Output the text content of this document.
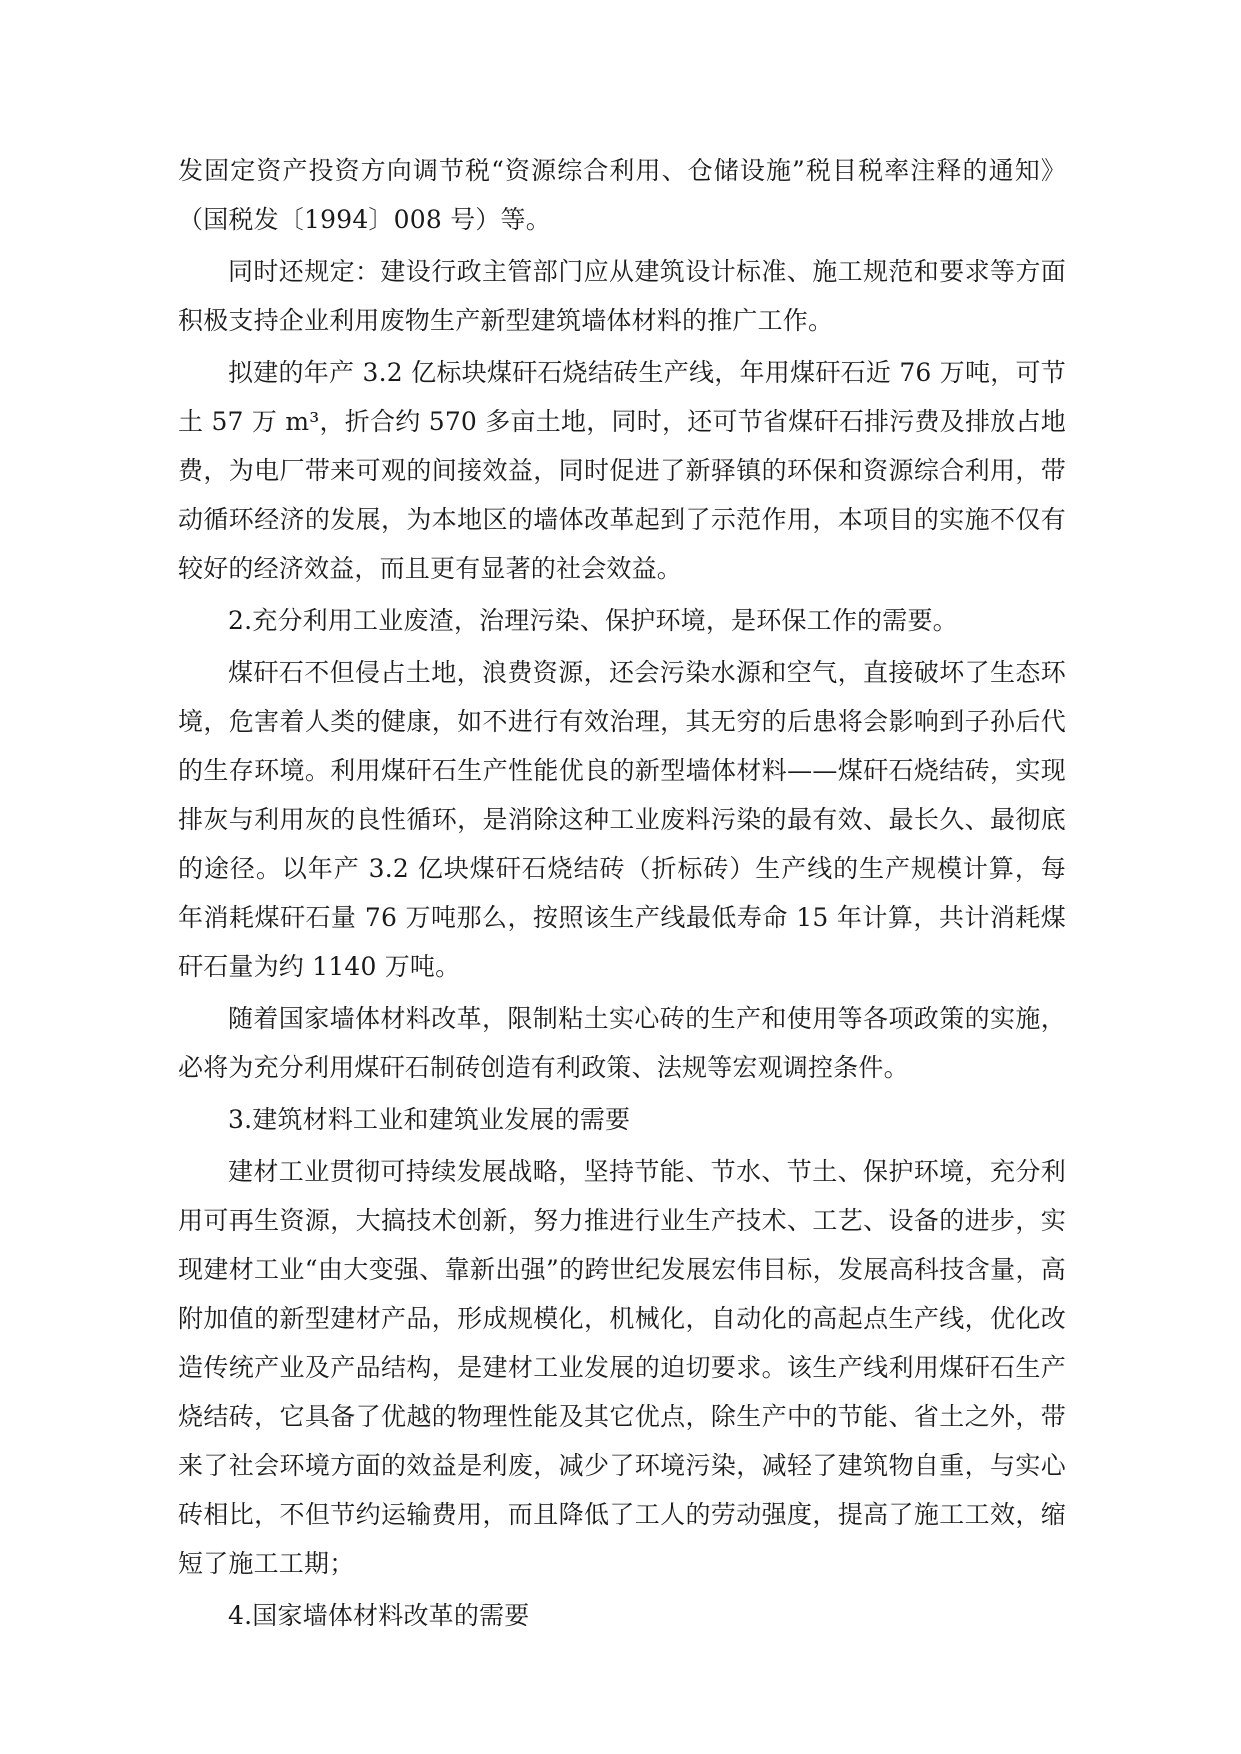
发固定资产投资方向调节税“资源综合利用、仓储设施”税目税率注释的通知》（国税发〔1994〕008 号）等。

同时还规定：建设行政主管部门应从建筑设计标准、施工规范和要求等方面积极支持企业利用废物生产新型建筑墙体材料的推广工作。

拟建的年产 3.2 亿标块煤矸石烧结砖生产线，年用煤矸石近 76 万吨，可节土 57 万 m³，折合约 570 多亩土地，同时，还可节省煤矸石排污费及排放占地费，为电厂带来可观的间接效益，同时促进了新驿镇的环保和资源综合利用，带动循环经济的发展，为本地区的墙体改革起到了示范作用，本项目的实施不仅有较好的经济效益，而且更有显著的社会效益。

2.充分利用工业废渣，治理污染、保护环境，是环保工作的需要。

煤矸石不但侵占土地，浪费资源，还会污染水源和空气，直接破坏了生态环境，危害着人类的健康，如不进行有效治理，其无穷的后患将会影响到子孙后代的生存环境。利用煤矸石生产性能优良的新型墙体材料——煤矸石烧结砖，实现排灰与利用灰的良性循环，是消除这种工业废料污染的最有效、最长久、最彻底的途径。以年产 3.2 亿块煤矸石烧结砖（折标砖）生产线的生产规模计算，每年消耗煤矸石量 76 万吨那么，按照该生产线最低寿命 15 年计算，共计消耗煤矸石量为约 1140 万吨。

随着国家墙体材料改革，限制粘土实心砖的生产和使用等各项政策的实施，必将为充分利用煤矸石制砖创造有利政策、法规等宏观调控条件。

3.建筑材料工业和建筑业发展的需要

建材工业贯彻可持续发展战略，坚持节能、节水、节土、保护环境，充分利用可再生资源，大搞技术创新，努力推进行业生产技术、工艺、设备的进步，实现建材工业“由大变强、靠新出强”的跨世纪发展宏伟目标，发展高科技含量，高附加值的新型建材产品，形成规模化，机械化，自动化的高起点生产线，优化改造传统产业及产品结构，是建材工业发展的迫切要求。该生产线利用煤矸石生产烧结砖，它具备了优越的物理性能及其它优点，除生产中的节能、省土之外，带来了社会环境方面的效益是利废，减少了环境污染，减轻了建筑物自重，与实心砖相比，不但节约运输费用，而且降低了工人的劳动强度，提高了施工工效，缩短了施工工期；

4.国家墙体材料改革的需要
